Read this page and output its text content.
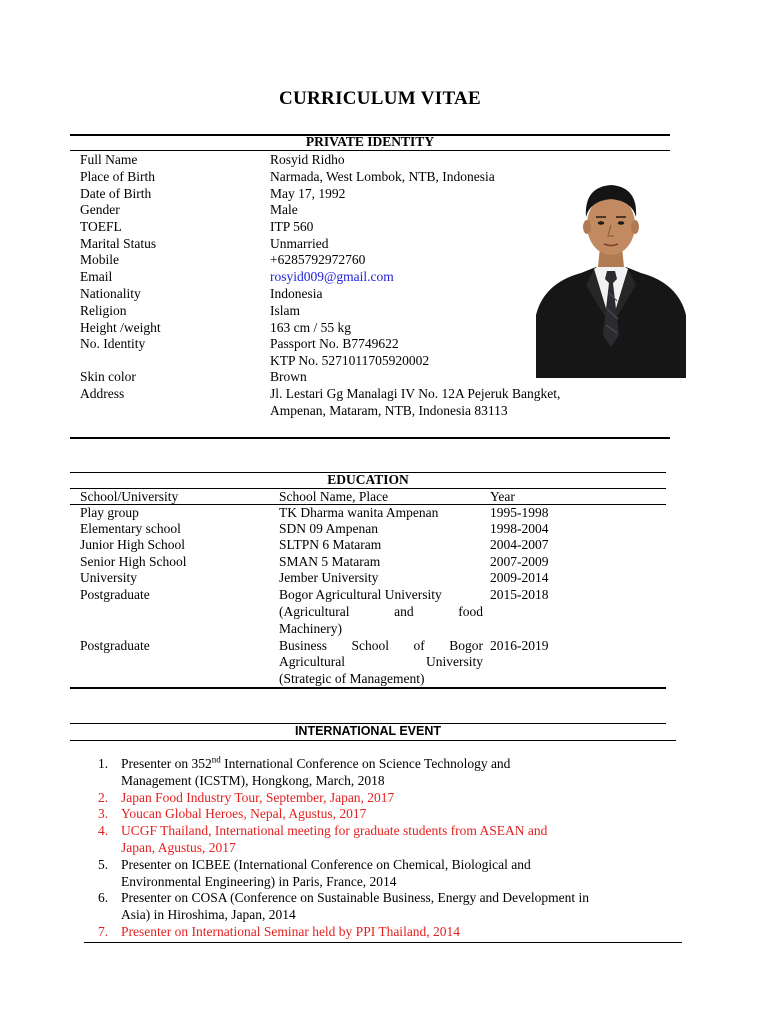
CURRICULUM VITAE
PRIVATE IDENTITY
Full Name	Rosyid Ridho
Place of Birth	Narmada, West Lombok, NTB, Indonesia
Date of Birth	May 17, 1992
Gender	Male
TOEFL	ITP 560
Marital Status	Unmarried
Mobile	+6285792972760
Email	rosyid009@gmail.com
Nationality	Indonesia
Religion	Islam
Height /weight	163 cm / 55 kg
No. Identity	Passport No. B7749622
KTP No. 5271011705920002
Skin color	Brown
Address	Jl. Lestari Gg Manalagi IV No. 12A Pejeruk Bangket,
Ampenan, Mataram, NTB, Indonesia 83113
EDUCATION
School/University	School Name, Place	Year
Play group	TK Dharma wanita Ampenan	1995-1998
Elementary school	SDN 09 Ampenan	1998-2004
Junior High School	SLTPN 6 Mataram	2004-2007
Senior High School	SMAN 5 Mataram	2007-2009
University	Jember University	2009-2014
Postgraduate	Bogor Agricultural University	2015-2018
(Agricultural and food
Machinery)
Postgraduate	Business School of Bogor 2016-2019
Agricultural University
(Strategic of Management)
INTERNATIONAL EVENT
1. Presenter on 352nd International Conference on Science Technology and
Management (ICSTM), Hongkong, March, 2018
2. Japan Food Industry Tour, September, Japan, 2017
3. Youcan Global Heroes, Nepal, Agustus, 2017
4. UCGF Thailand, International meeting for graduate students from ASEAN and
Japan, Agustus, 2017
5. Presenter on ICBEE (International Conference on Chemical, Biological and
Environmental Engineering) in Paris, France, 2014
6. Presenter on COSA (Conference on Sustainable Business, Energy and Development in
Asia) in Hiroshima, Japan, 2014
7. Presenter on International Seminar held by PPI Thailand, 2014
